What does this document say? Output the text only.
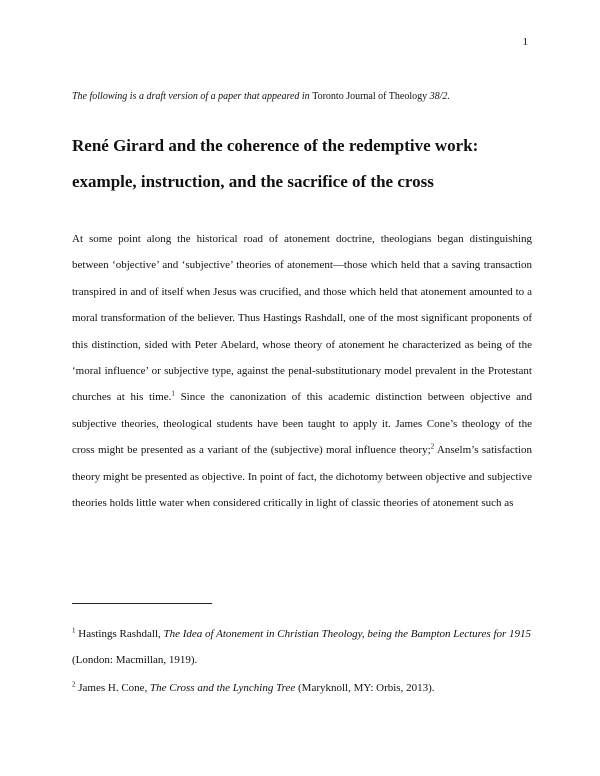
1
The following is a draft version of a paper that appeared in Toronto Journal of Theology 38/2.
René Girard and the coherence of the redemptive work: example, instruction, and the sacrifice of the cross

At some point along the historical road of atonement doctrine, theologians began distinguishing between ‘objective’ and ‘subjective’ theories of atonement—those which held that a saving transaction transpired in and of itself when Jesus was crucified, and those which held that atonement amounted to a moral transformation of the believer. Thus Hastings Rashdall, one of the most significant proponents of this distinction, sided with Peter Abelard, whose theory of atonement he characterized as being of the ‘moral influence’ or subjective type, against the penal-substitutionary model prevalent in the Protestant churches at his time.$^1$ Since the canonization of this academic distinction between objective and subjective theories, theological students have been taught to apply it. James Cone’s theology of the cross might be presented as a variant of the (subjective) moral influence theory;$^2$ Anselm’s satisfaction theory might be presented as objective. In point of fact, the dichotomy between objective and subjective theories holds little water when considered critically in light of classic theories of atonement such as

$^1$ Hastings Rashdall, The Idea of Atonement in Christian Theology, being the Bampton Lectures for 1915 (London: Macmillan, 1919).

$^2$ James H. Cone, The Cross and the Lynching Tree (Maryknoll, MY: Orbis, 2013).
